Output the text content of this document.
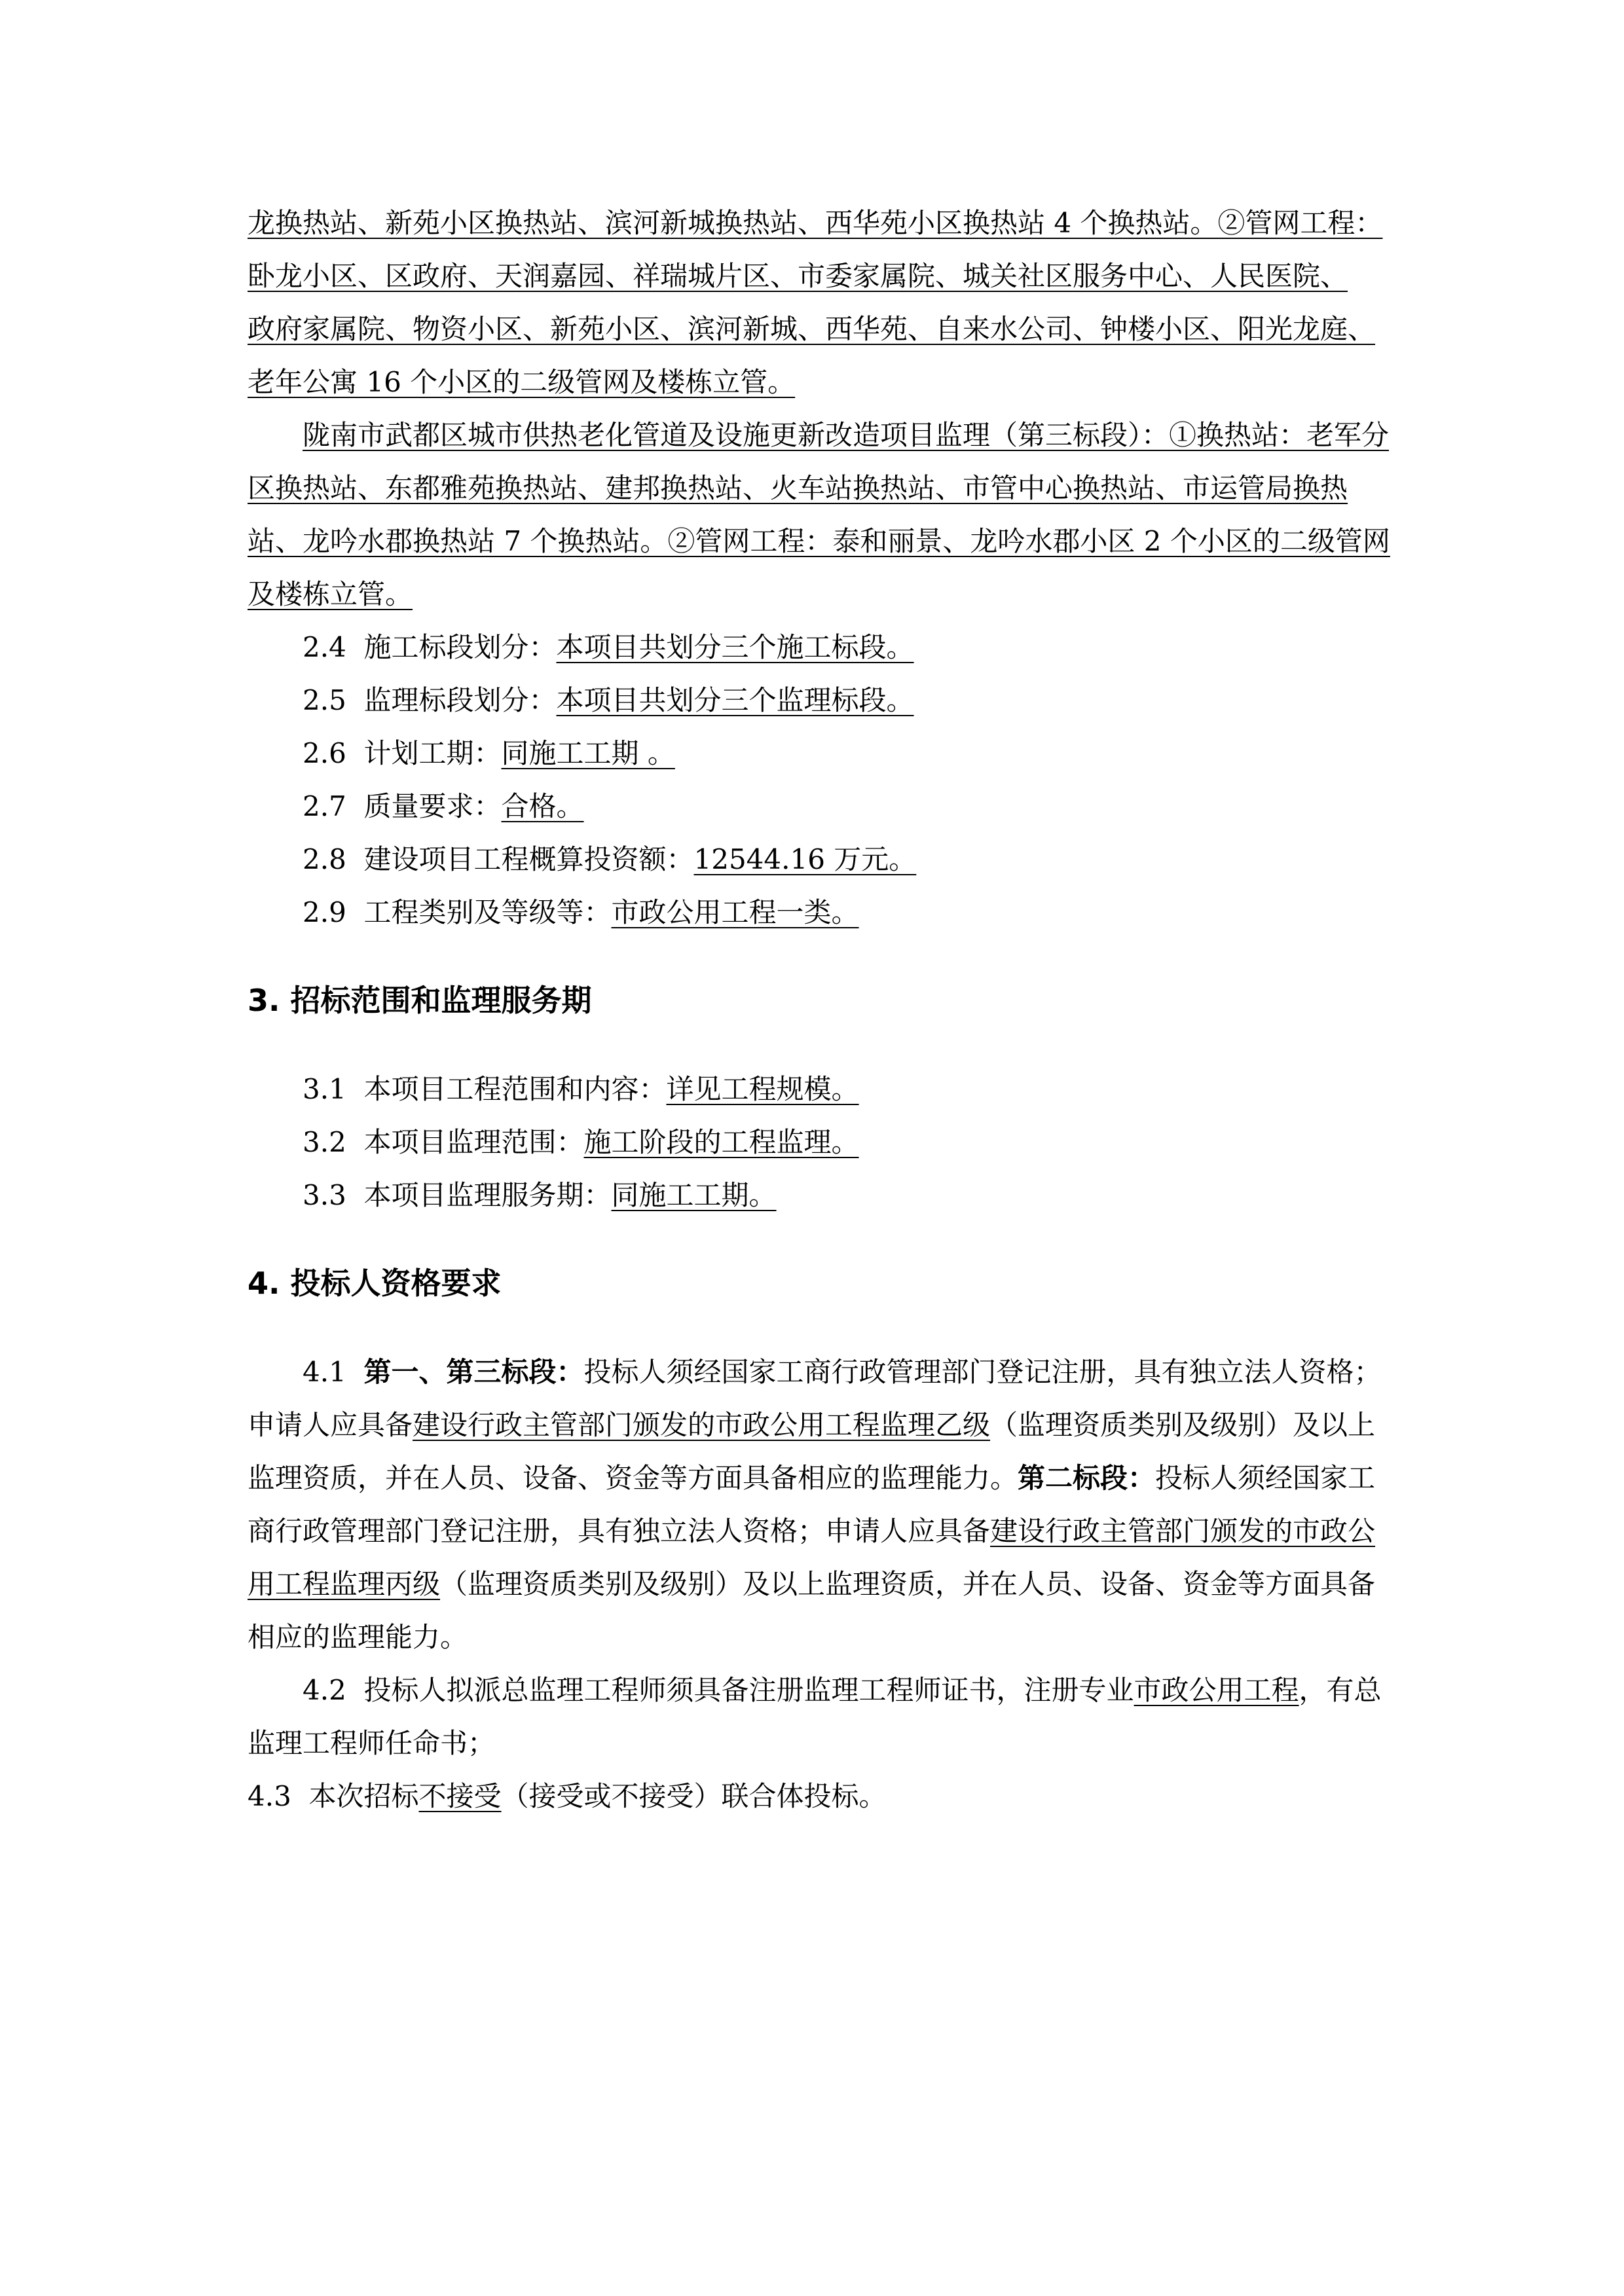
龙换热站、新苑小区换热站、滨河新城换热站、西华苑小区换热站 4 个换热站。②管网工程：
卧龙小区、区政府、天润嘉园、祥瑞城片区、市委家属院、城关社区服务中心、人民医院、
政府家属院、物资小区、新苑小区、滨河新城、西华苑、自来水公司、钟楼小区、阳光龙庭、
老年公寓 16 个小区的二级管网及楼栋立管。

陇南市武都区城市供热老化管道及设施更新改造项目监理（第三标段）：①换热站：老军分区换热站、东都雅苑换热站、建邦换热站、火车站换热站、市管中心换热站、市运管局换热站、龙吟水郡换热站 7 个换热站。②管网工程：泰和丽景、龙吟水郡小区 2 个小区的二级管网及楼栋立管。

2.4 施工标段划分：本项目共划分三个施工标段。

2.5 监理标段划分：本项目共划分三个监理标段。

2.6 计划工期：同施工工期 。

2.7 质量要求：合格。

2.8 建设项目工程概算投资额：12544.16 万元。

2.9 工程类别及等级等：市政公用工程一类。

3. 招标范围和监理服务期

3.1 本项目工程范围和内容：详见工程规模。

3.2 本项目监理范围：施工阶段的工程监理。

3.3 本项目监理服务期：同施工工期。

4. 投标人资格要求

4.1 第一、第三标段：投标人须经国家工商行政管理部门登记注册，具有独立法人资格；申请人应具备建设行政主管部门颁发的市政公用工程监理乙级（监理资质类别及级别）及以上监理资质，并在人员、设备、资金等方面具备相应的监理能力。第二标段：投标人须经国家工商行政管理部门登记注册，具有独立法人资格；申请人应具备建设行政主管部门颁发的市政公用工程监理丙级（监理资质类别及级别）及以上监理资质，并在人员、设备、资金等方面具备相应的监理能力。

4.2 投标人拟派总监理工程师须具备注册监理工程师证书，注册专业市政公用工程，有总监理工程师任命书；

4.3 本次招标不接受（接受或不接受）联合体投标。
